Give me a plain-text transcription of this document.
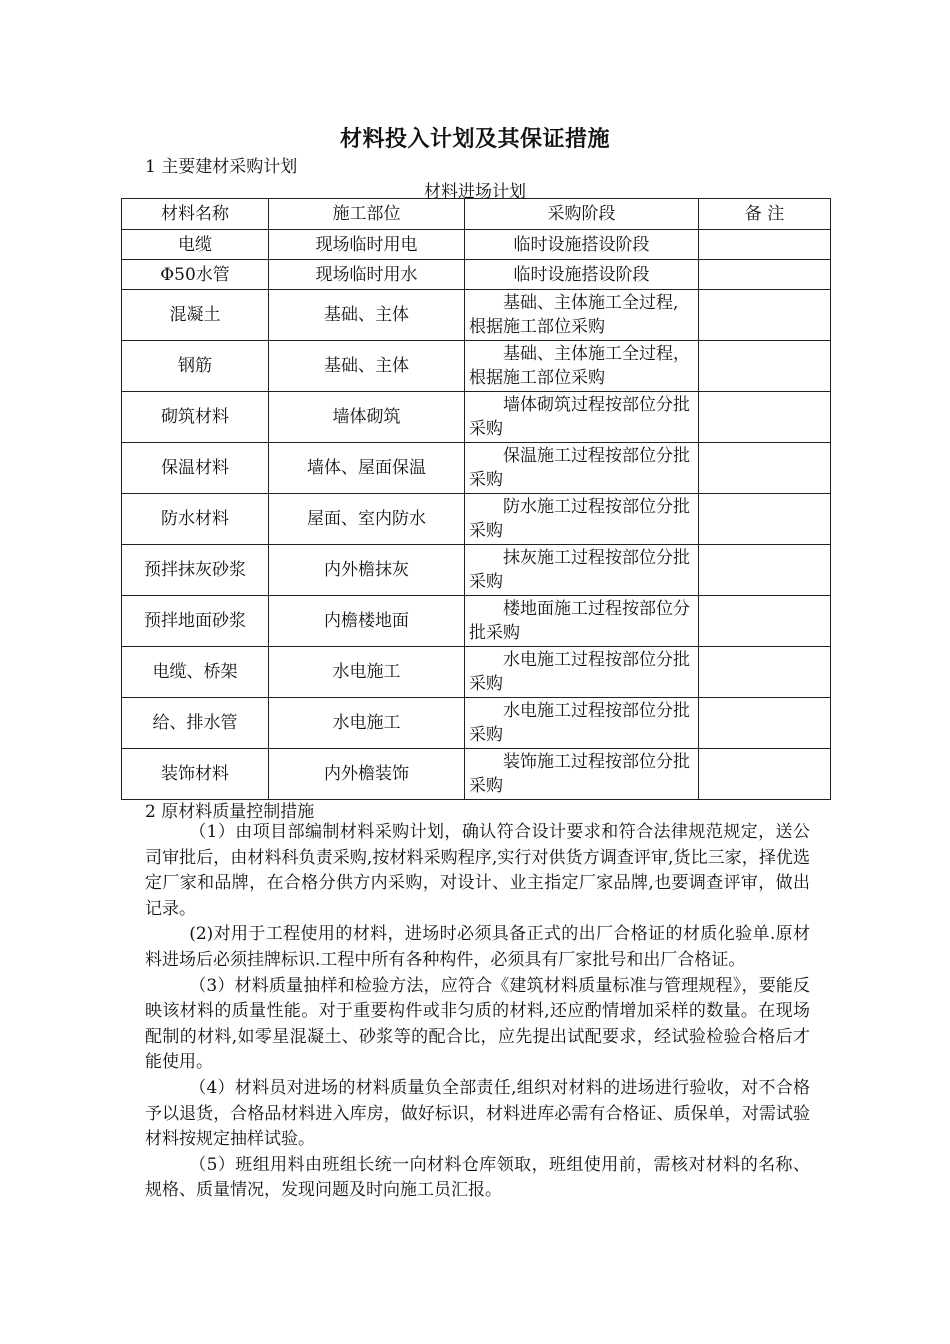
材料投入计划及其保证措施
1 主要建材采购计划
材料进场计划
材料名称	施工部位	采购阶段	备 注
电缆	现场临时用电	临时设施搭设阶段	
Φ50水管	现场临时用水	临时设施搭设阶段	
混凝土	基础、主体	基础、主体施工全过程,根据施工部位采购	

钢筋	基础、主体	基础、主体施工全过程，根据施工部位采购	

砌筑材料	墙体砌筑	墙体砌筑过程按部位分批采购	

保温材料	墙体、屋面保温	保温施工过程按部位分批采购	

防水材料	屋面、室内防水	防水施工过程按部位分批采购	

预拌抹灰砂浆	内外檐抹灰	抹灰施工过程按部位分批采购	

预拌地面砂浆	内檐楼地面	楼地面施工过程按部位分批采购	

电缆、桥架	水电施工	水电施工过程按部位分批采购	

给、排水管	水电施工	水电施工过程按部位分批采购	

装饰材料	内外檐装饰	装饰施工过程按部位分批采购	

2 原材料质量控制措施

（1）由项目部编制材料采购计划，确认符合设计要求和符合法律规范规定，送公司审批后，由材料科负责采购,按材料采购程序,实行对供货方调查评审,货比三家，择优选定厂家和品牌，在合格分供方内采购，对设计、业主指定厂家品牌,也要调查评审，做出记录。

(2)对用于工程使用的材料，进场时必须具备正式的出厂合格证的材质化验单.原材料进场后必须挂牌标识.工程中所有各种构件，必须具有厂家批号和出厂合格证。

（3）材料质量抽样和检验方法，应符合《建筑材料质量标准与管理规程》，要能反映该材料的质量性能。对于重要构件或非匀质的材料,还应酌情增加采样的数量。在现场配制的材料,如零星混凝土、砂浆等的配合比，应先提出试配要求，经试验检验合格后才能使用。

（4）材料员对进场的材料质量负全部责任,组织对材料的进场进行验收，对不合格予以退货，合格品材料进入库房，做好标识，材料进库必需有合格证、质保单，对需试验材料按规定抽样试验。

（5）班组用料由班组长统一向材料仓库领取，班组使用前，需核对材料的名称、规格、质量情况，发现问题及时向施工员汇报。
